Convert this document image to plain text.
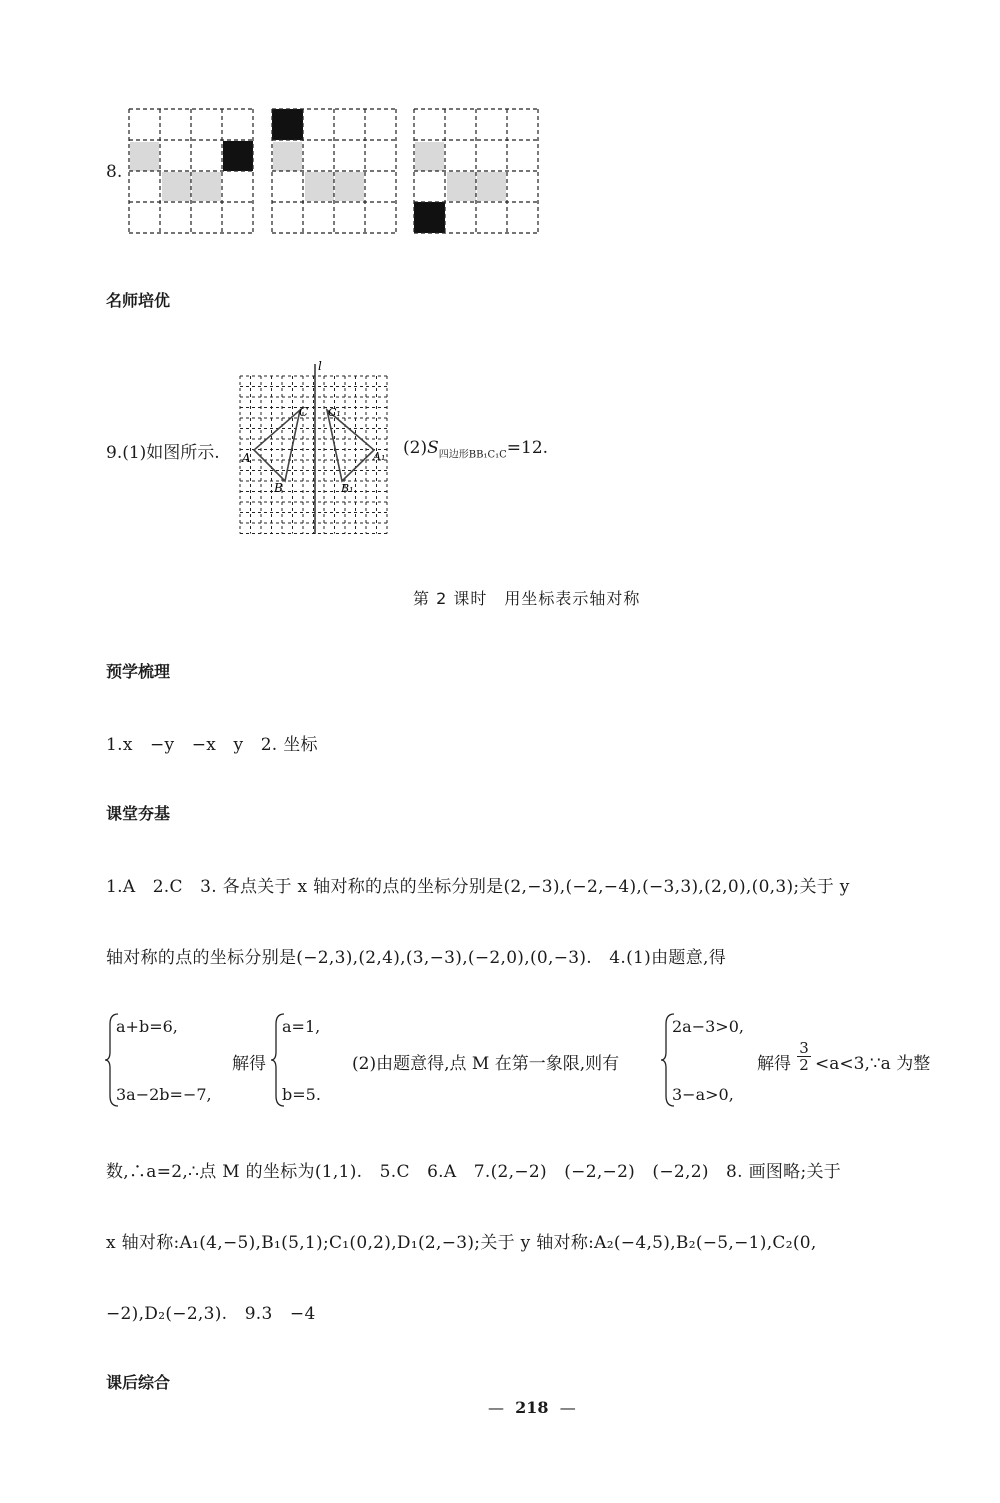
8.
名师培优
9.(1)如图所示.
l
A
B
C
A₁
B₁
C₁
$(2)S_{四边形BB_1C_1C}=12$.
第 2 课时　用坐标表示轴对称
预学梳理
1.x　−y　−x　y　2. 坐标
课堂夯基
1.A　2.C　3. 各点关于 x 轴对称的点的坐标分别是(2,−3),(−2,−4),(−3,3),(2,0),(0,3);关于 y
轴对称的点的坐标分别是(−2,3),(2,4),(3,−3),(−2,0),(0,−3).　4.(1)由题意,得
a+b=6,
3a−2b=−7,
解得
a=1,
b=5.
(2)由题意得,点 M 在第一象限,则有
2a−3>0,
3−a>0,
解得 $\frac{3}{2}$ <a<3,∵a 为整
数,∴a=2,∴点 M 的坐标为(1,1).　5.C　6.A　7.(2,−2)　(−2,−2)　(−2,2)　8. 画图略;关于
x 轴对称:A₁(4,−5),B₁(5,1);C₁(0,2),D₁(2,−3);关于 y 轴对称:A₂(−4,5),B₂(−5,−1),C₂(0,
−2),D₂(−2,3).　9.3　−4
课后综合
— 218 —
